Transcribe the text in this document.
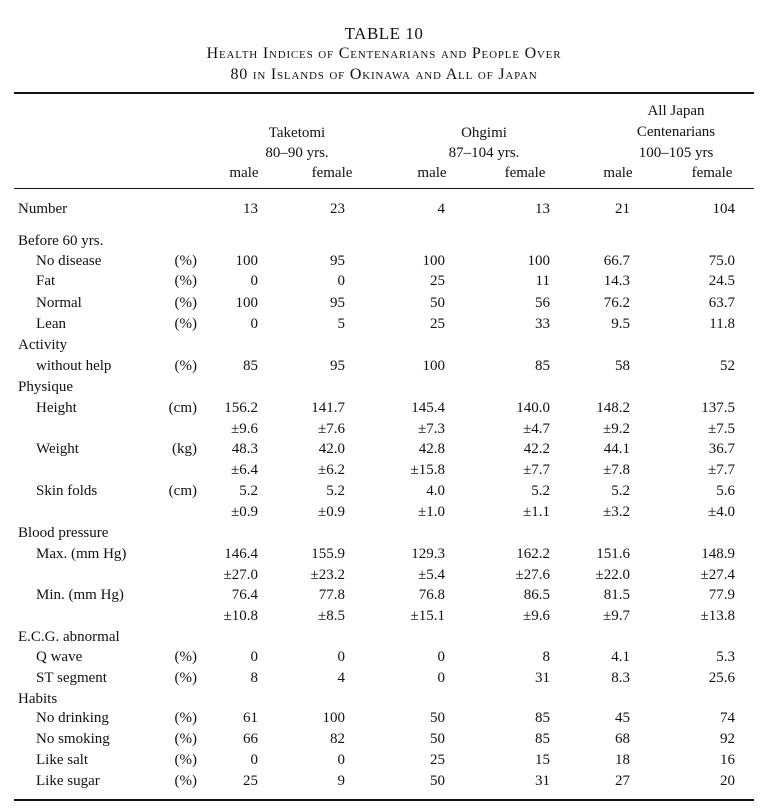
TABLE 10
Health Indices of Centenarians and People Over
80 in Islands of Okinawa and All of Japan
Taketomi
80–90 yrs.
Ohgimi
87–104 yrs.
All Japan
Centenarians
100–105 yrs
male	female	male	female	male	female
Number	13	23	4	13	21	104
Before 60 yrs.
No disease	(%)	100	95	100	100	66.7	75.0
Fat	(%)	0	0	25	11	14.3	24.5
Normal	(%)	100	95	50	56	76.2	63.7
Lean	(%)	0	5	25	33	9.5	11.8
Activity
without help	(%)	85	95	100	85	58	52
Physique
Height	(cm) 156.2	141.7	145.4	140.0	148.2	137.5
±9.6	±7.6	±7.3	±4.7	±9.2	±7.5
Weight	(kg) 48.3	42.0	42.8	42.2	44.1	36.7
±6.4	±6.2	±15.8	±7.7	±7.8	±7.7
Skin folds	(cm)	5.2	5.2	4.0	5.2	5.2	5.6
±0.9	±0.9	±1.0	±1.1	±3.2	±4.0
Blood pressure
Max. (mm Hg)	146.4	155.9	129.3	162.2	151.6	148.9
±27.0	±23.2	±5.4	±27.6	±22.0	±27.4
Min. (mm Hg)	76.4	77.8	76.8	86.5	81.5	77.9
±10.8	±8.5	±15.1	±9.6	±9.7	±13.8
E.C.G. abnormal
Q wave	(%)	0	0	0	8	4.1	5.3
ST segment	(%)	8	4	0	31	8.3	25.6
Habits
No drinking	(%)	61	100	50	85	45	74
No smoking	(%)	66	82	50	85	68	92
Like salt	(%)	0	0	25	15	18	16
Like sugar	(%)	25	9	50	31	27	20
